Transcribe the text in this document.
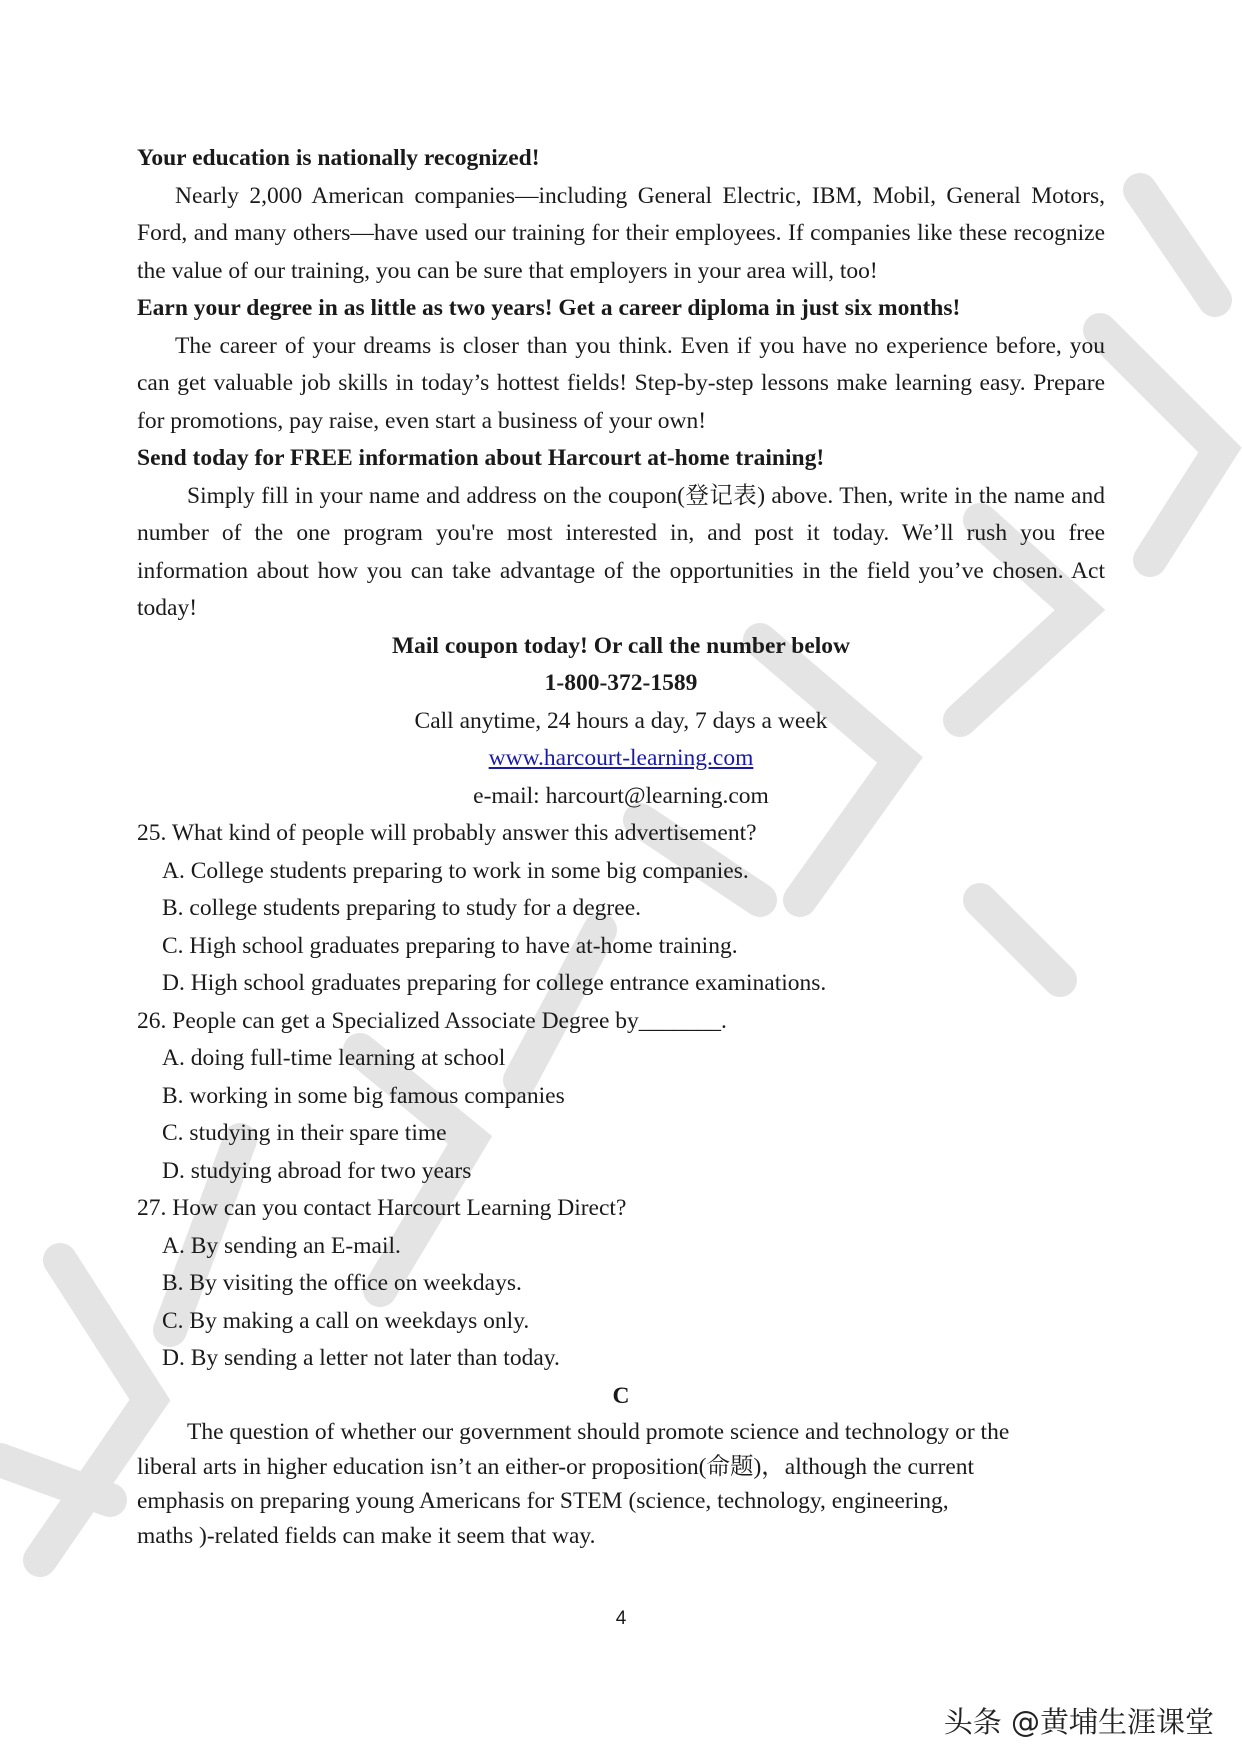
Your education is nationally recognized!

Nearly 2,000 American companies—including General Electric, IBM, Mobil, General Motors, Ford, and many others—have used our training for their employees. If companies like these recognize the value of our training, you can be sure that employers in your area will, too!

Earn your degree in as little as two years! Get a career diploma in just six months!

The career of your dreams is closer than you think. Even if you have no experience before, you can get valuable job skills in today’s hottest fields! Step-by-step lessons make learning easy. Prepare for promotions, pay raise, even start a business of your own!

Send today for FREE information about Harcourt at-home training!

Simply fill in your name and address on the coupon(登记表) above. Then, write in the name and number of the one program you're most interested in, and post it today. We’ll rush you free information about how you can take advantage of the opportunities in the field you’ve chosen. Act today!

Mail coupon today! Or call the number below

1-800-372-1589

Call anytime, 24 hours a day, 7 days a week

www.harcourt-learning.com

e-mail: harcourt@learning.com

25. What kind of people will probably answer this advertisement?

A. College students preparing to work in some big companies.

B. college students preparing to study for a degree.

C. High school graduates preparing to have at-home training.

D. High school graduates preparing for college entrance examinations.

26. People can get a Specialized Associate Degree by_______.

A. doing full-time learning at school

B. working in some big famous companies

C. studying in their spare time

D. studying abroad for two years

27. How can you contact Harcourt Learning Direct?

A. By sending an E-mail.

B. By visiting the office on weekdays.

C. By making a call on weekdays only.

D. By sending a letter not later than today.

C

The question of whether our government should promote science and technology or the

liberal arts in higher education isn’t an either-or proposition(命题)，although the current

emphasis on preparing young Americans for STEM (science, technology, engineering,

maths )-related fields can make it seem that way.

4
头条 @黄埔生涯课堂
